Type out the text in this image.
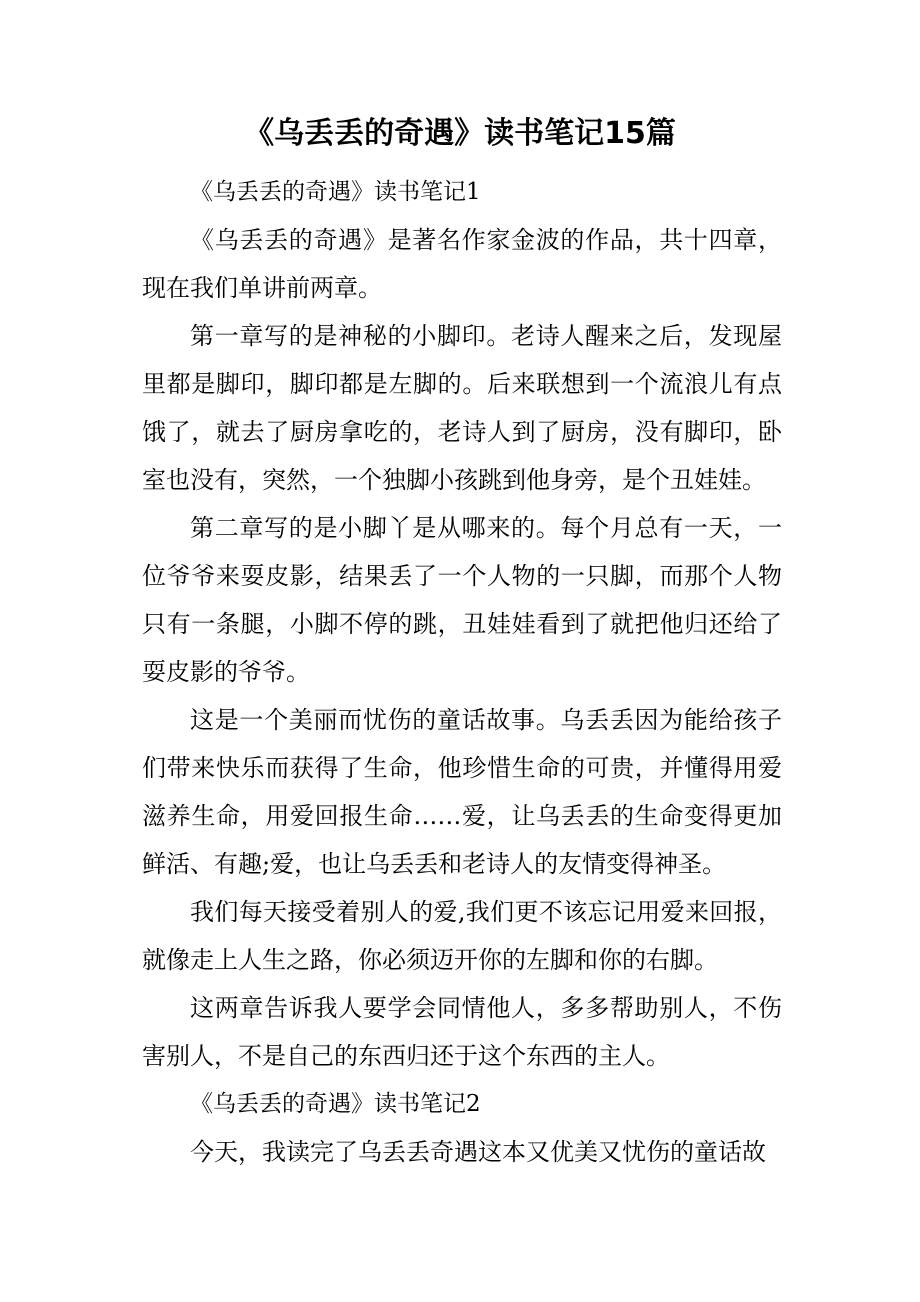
《乌丢丢的奇遇》读书笔记15篇

《乌丢丢的奇遇》读书笔记1

《乌丢丢的奇遇》是著名作家金波的作品，共十四章，现在我们单讲前两章。

第一章写的是神秘的小脚印。老诗人醒来之后，发现屋里都是脚印，脚印都是左脚的。后来联想到一个流浪儿有点饿了，就去了厨房拿吃的，老诗人到了厨房，没有脚印，卧室也没有，突然，一个独脚小孩跳到他身旁，是个丑娃娃。

第二章写的是小脚丫是从哪来的。每个月总有一天，一位爷爷来耍皮影，结果丢了一个人物的一只脚，而那个人物只有一条腿，小脚不停的跳，丑娃娃看到了就把他归还给了耍皮影的爷爷。

这是一个美丽而忧伤的童话故事。乌丢丢因为能给孩子们带来快乐而获得了生命，他珍惜生命的可贵，并懂得用爱滋养生命，用爱回报生命……爱，让乌丢丢的生命变得更加鲜活、有趣;爱，也让乌丢丢和老诗人的友情变得神圣。

我们每天接受着别人的爱,我们更不该忘记用爱来回报，就像走上人生之路，你必须迈开你的左脚和你的右脚。

这两章告诉我人要学会同情他人，多多帮助别人，不伤害别人，不是自己的东西归还于这个东西的主人。

《乌丢丢的奇遇》读书笔记2

今天，我读完了乌丢丢奇遇这本又优美又忧伤的童话故
